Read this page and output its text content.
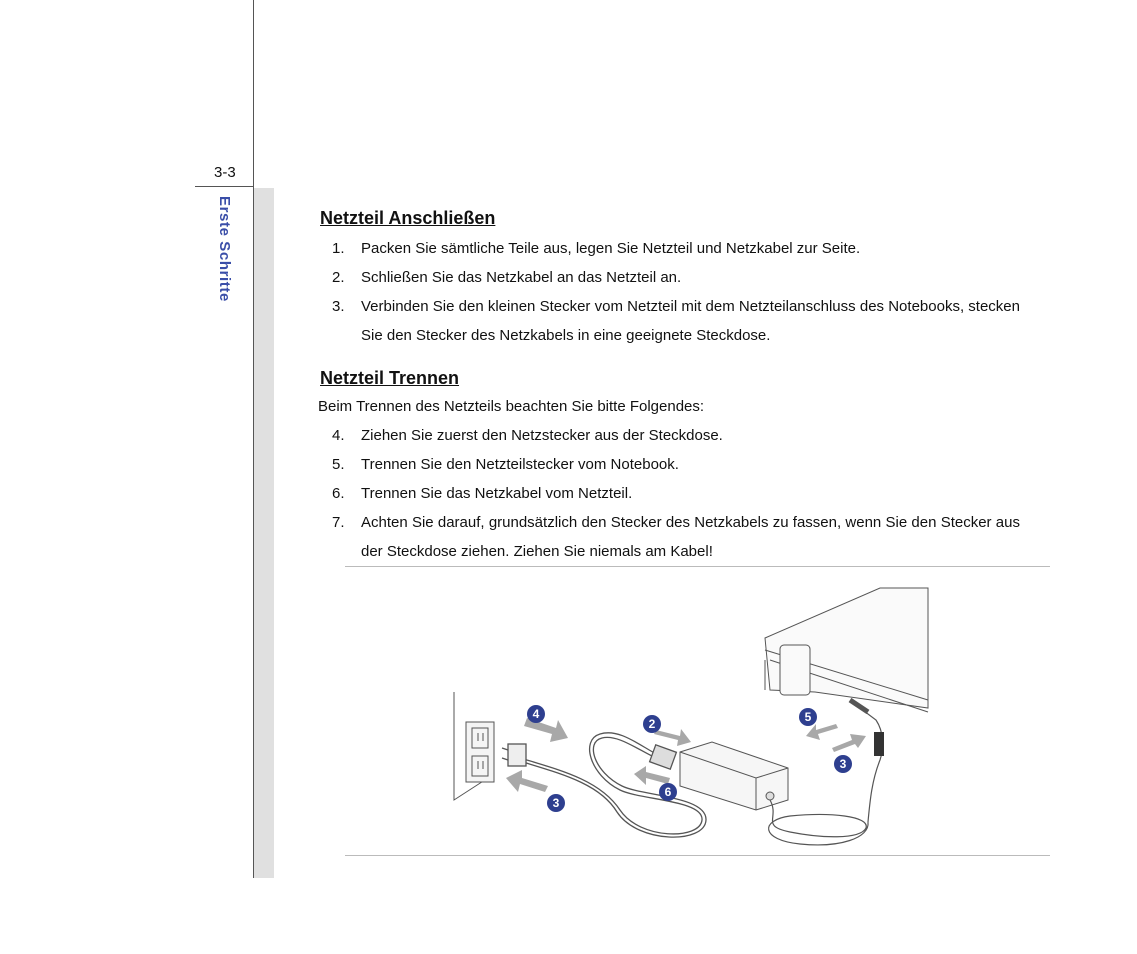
3-3
Erste Schritte	Netzteil Anschließen
1. Packen Sie sämtliche Teile aus, legen Sie Netzteil und Netzkabel zur Seite.
2. Schließen Sie das Netzkabel an das Netzteil an.
3. Verbinden Sie den kleinen Stecker vom Netzteil mit dem Netzteilanschluss des Notebooks, stecken Sie den Stecker des Netzkabels in eine geeignete Steckdose.
Netzteil Trennen
Beim Trennen des Netzteils beachten Sie bitte Folgendes:
4. Ziehen Sie zuerst den Netzstecker aus der Steckdose.
5. Trennen Sie den Netzteilstecker vom Notebook.
6. Trennen Sie das Netzkabel vom Netzteil.
7. Achten Sie darauf, grundsätzlich den Stecker des Netzkabels zu fassen, wenn Sie den Stecker aus der Steckdose ziehen. Ziehen Sie niemals am Kabel!
4
2	5
3
6
3
